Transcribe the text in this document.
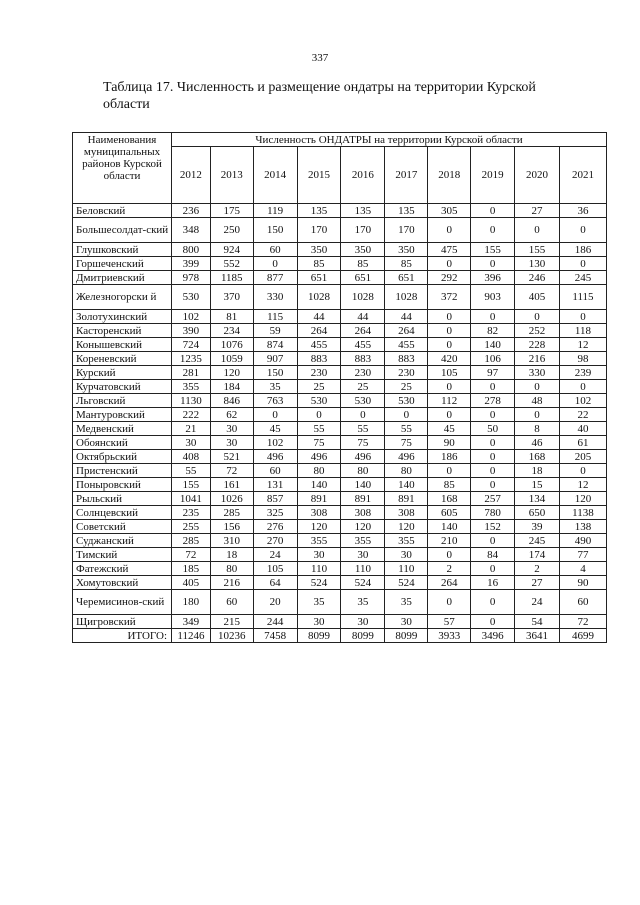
337
Таблица 17. Численность и размещение ондатры на территории Курской области
Наименования муниципальных районов Курской области	Численность ОНДАТРЫ на территории Курской области									
	2012	2013	2014	2015	2016	2017	2018	2019	2020	2021
Беловский	236	175	119	135	135	135	305	0	27	36
Большесолдат-ский	348	250	150	170	170	170	0	0	0	0
Глушковский	800	924	60	350	350	350	475	155	155	186
Горшеченский	399	552	0	85	85	85	0	0	130	0
Дмитриевский	978	1185	877	651	651	651	292	396	246	245
Железногорски й	530	370	330	1028	1028	1028	372	903	405	1115
Золотухинский	102	81	115	44	44	44	0	0	0	0
Касторенский	390	234	59	264	264	264	0	82	252	118
Конышевский	724	1076	874	455	455	455	0	140	228	12
Кореневский	1235	1059	907	883	883	883	420	106	216	98
Курский	281	120	150	230	230	230	105	97	330	239
Курчатовский	355	184	35	25	25	25	0	0	0	0
Льговский	1130	846	763	530	530	530	112	278	48	102
Мантуровский	222	62	0	0	0	0	0	0	0	22
Медвенский	21	30	45	55	55	55	45	50	8	40
Обоянский	30	30	102	75	75	75	90	0	46	61
Октябрьский	408	521	496	496	496	496	186	0	168	205
Пристенский	55	72	60	80	80	80	0	0	18	0
Поныровский	155	161	131	140	140	140	85	0	15	12
Рыльский	1041	1026	857	891	891	891	168	257	134	120
Солнцевский	235	285	325	308	308	308	605	780	650	1138
Советский	255	156	276	120	120	120	140	152	39	138
Суджанский	285	310	270	355	355	355	210	0	245	490
Тимский	72	18	24	30	30	30	0	84	174	77
Фатежский	185	80	105	110	110	110	2	0	2	4
Хомутовский	405	216	64	524	524	524	264	16	27	90
Черемисинов-ский	180	60	20	35	35	35	0	0	24	60
Щигровский	349	215	244	30	30	30	57	0	54	72
ИТОГО:	11246	10236	7458	8099	8099	8099	3933	3496	3641	4699
